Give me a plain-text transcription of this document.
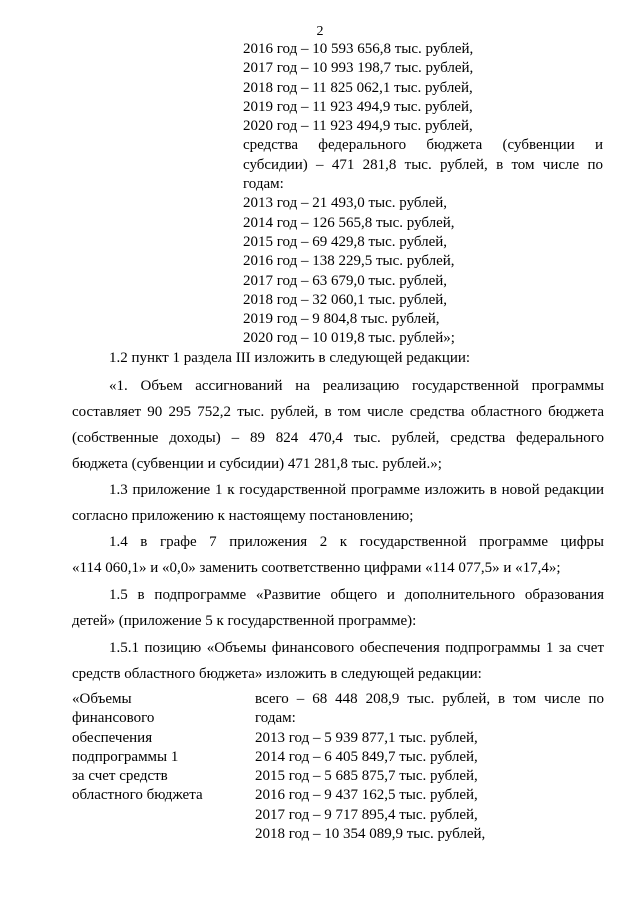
2
2016 год – 10 593 656,8 тыс. рублей,
2017 год – 10 993 198,7 тыс. рублей,
2018 год – 11 825 062,1 тыс. рублей,
2019 год – 11 923 494,9 тыс. рублей,
2020 год – 11 923 494,9 тыс. рублей,
средства федерального бюджета (субвенции и
субсидии) – 471 281,8 тыс. рублей, в том числе по
годам:
2013 год – 21 493,0 тыс. рублей,
2014 год – 126 565,8 тыс. рублей,
2015 год – 69 429,8 тыс. рублей,
2016 год – 138 229,5 тыс. рублей,
2017 год – 63 679,0 тыс. рублей,
2018 год – 32 060,1 тыс. рублей,
2019 год – 9 804,8 тыс. рублей,
2020 год – 10 019,8 тыс. рублей»;

1.2 пункт 1 раздела III изложить в следующей редакции:

«1. Объем ассигнований на реализацию государственной программы
составляет 90 295 752,2 тыс. рублей, в том числе средства областного бюджета
(собственные доходы) – 89 824 470,4 тыс. рублей, средства федерального
бюджета (субвенции и субсидии) 471 281,8 тыс. рублей.»;

1.3 приложение 1 к государственной программе изложить в новой редакции
согласно приложению к настоящему постановлению;

1.4 в графе 7 приложения 2 к государственной программе цифры
«114 060,1» и «0,0» заменить соответственно цифрами «114 077,5» и «17,4»;

1.5 в подпрограмме «Развитие общего и дополнительного образования
детей» (приложение 5 к государственной программе):

1.5.1 позицию «Объемы финансового обеспечения подпрограммы 1 за счет
средств областного бюджета» изложить в следующей редакции:

«Объемы
финансового
обеспечения
подпрограммы 1
за счет средств
областного бюджета
всего – 68 448 208,9 тыс. рублей, в том числе по
годам:
2013 год – 5 939 877,1 тыс. рублей,
2014 год – 6 405 849,7 тыс. рублей,
2015 год – 5 685 875,7 тыс. рублей,
2016 год – 9 437 162,5 тыс. рублей,
2017 год – 9 717 895,4 тыс. рублей,
2018 год – 10 354 089,9 тыс. рублей,
